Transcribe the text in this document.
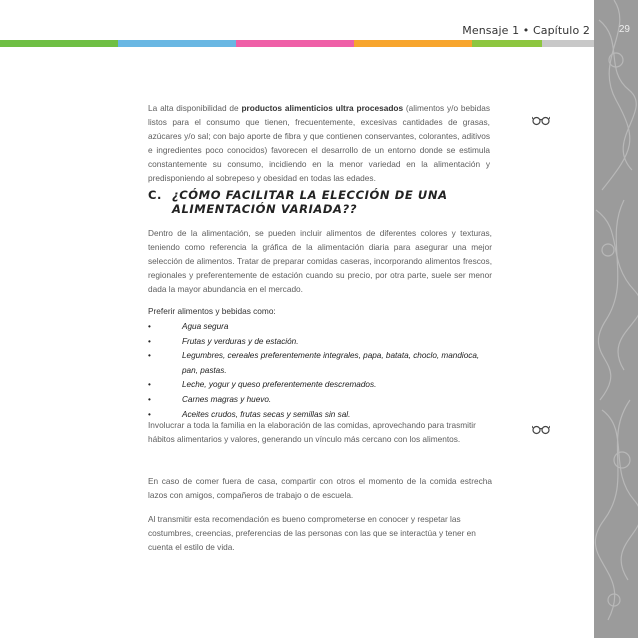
Mensaje 1 • Capítulo 2	29

La alta disponibilidad de productos alimenticios ultra procesados (alimentos y/o bebidas listos para el consumo que tienen, frecuentemente, excesivas cantidades de grasas, azúcares y/o sal; con bajo aporte de fibra y que contienen conservantes, colorantes, aditivos e ingredientes poco conocidos) favorecen el desarrollo de un entorno donde se estimula constantemente su consumo, incidiendo en la menor variedad en la alimentación y predisponiendo al sobrepeso y obesidad en todas las edades.

C. ¿CÓMO FACILITAR LA ELECCIÓN DE UNA ALIMENTACIÓN VARIADA??

Dentro de la alimentación, se pueden incluir alimentos de diferentes colores y texturas, teniendo como referencia la gráfica de la alimentación diaria para asegurar una mejor selección de alimentos. Tratar de preparar comidas caseras, incorporando alimentos frescos, regionales y preferentemente de estación cuando su precio, por otra parte, suele ser menor dada la mayor abundancia en el mercado.

Preferir alimentos y bebidas como:
•	Agua segura
•	Frutas y verduras y de estación.
•	Legumbres, cereales preferentemente integrales, papa, batata, choclo, mandioca, pan, pastas.
•	Leche, yogur y queso preferentemente descremados.
•	Carnes magras y huevo.
•	Aceites crudos, frutas secas y semillas sin sal.

Involucrar a toda la familia en la elaboración de las comidas, aprovechando para trasmitir hábitos alimentarios y valores, generando un vínculo más cercano con los alimentos.

En caso de comer fuera de casa, compartir con otros el momento de la comida estrecha lazos con amigos, compañeros de trabajo o de escuela.

Al transmitir esta recomendación es bueno comprometerse en conocer y respetar las costumbres, creencias, preferencias de las personas con las que se interactúa y tener en cuenta el estilo de vida.
